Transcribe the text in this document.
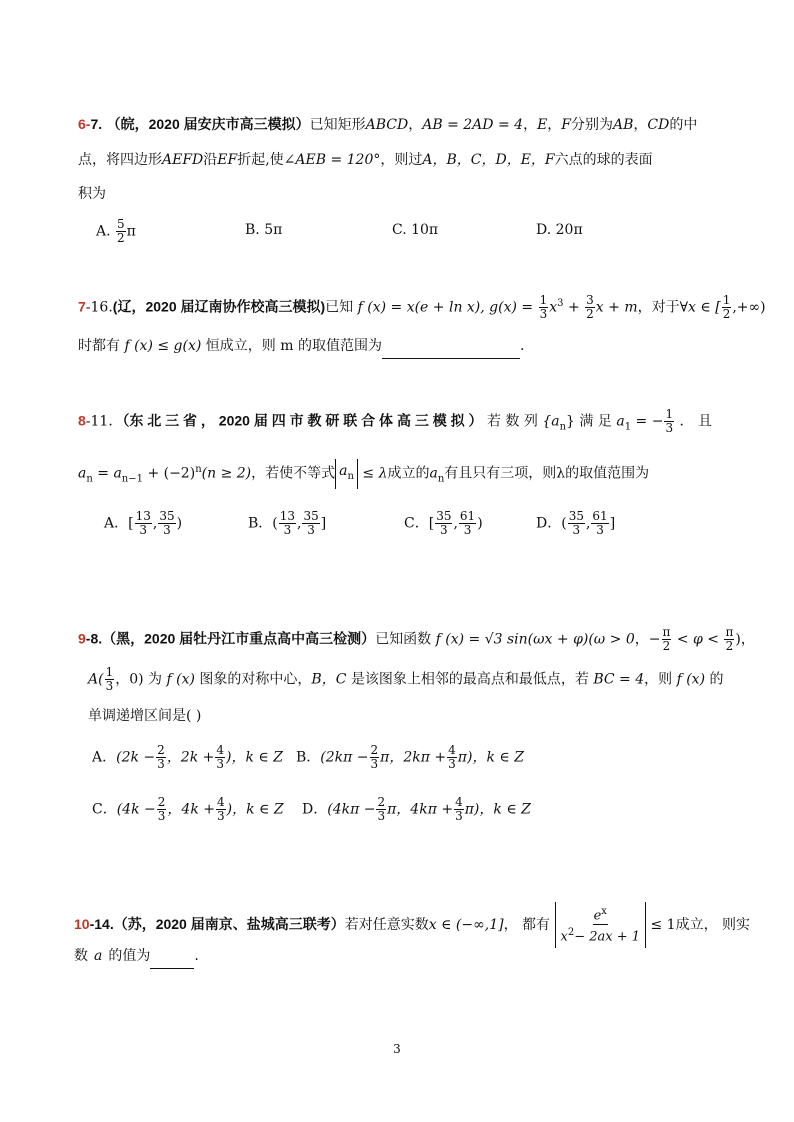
6-7. （皖，2020 届安庆市高三模拟）已知矩形ABCD，AB = 2AD = 4，E，F分别为AB，CD的中
点，将四边形AEFD沿EF折起,使∠AEB = 120°，则过A，B，C，D，E，F六点的球的表面
积为
A. $\frac{5}{2}$ π	B. 5π	C. 10π	D. 20π
7-16.(辽，2020 届辽南协作校高三模拟)已知 f (x) = x(e + ln x), $g(x) = \frac{1}{3} x^3 + \frac{3}{2}$ x + m，对于∀x ∈ [ $\frac{1}{2}$ ,+∞)
时都有 f (x) ≤ g(x) 恒成立，则 m 的取值范围为	.
8-11．（东 北 三 省 ， 2020 届 四 市 教 研 联 合 体 高 三 模 拟 ） 若 数 列 $\{a_n\}$ 满 足 $a_1$ = − $\frac{1}{3}$ ． 且
$a_n = a_{n-1} + (-2)^n(n \ge 2)$，若使不等式 $a_n \le \lambda$成立的$a_n$有且只有三项，则λ的取值范围为
A．[ $\frac{13}{3}$ , $\frac{35}{3}$ )	B．( $\frac{13}{3}$ , $\frac{35}{3}$ ]	C．[ $\frac{35}{3}$ , $\frac{61}{3}$ )	D．( $\frac{35}{3}$ , $\frac{61}{3}$ ]
9-8.（黑，2020 届牡丹江市重点高中高三检测）已知函数 f (x) = √3 sin(ωx + φ)(ω > 0，− $\frac{\pi}{2} < \varphi < \frac{\pi}{2}$ )，
$A( \frac{1}{3}$ ，0) 为 f (x) 图象的对称中心，B，C 是该图象上相邻的最高点和最低点，若 BC = 4，则 f (x) 的
单调递增区间是( )
A．($2k - \frac{2}{3}$ ，$2k + \frac{4}{3}$ )，k ∈ Z B．($2k\pi - \frac{2}{3}$ π，$2k\pi + \frac{4}{3} \pi$)，k ∈ Z
C．($4k - \frac{2}{3}$ ，$4k + \frac{4}{3}$ )，k ∈ Z D．($4k\pi - \frac{2}{3}$ π，$4k\pi + \frac{4}{3} \pi$)，k ∈ Z
10-14.（苏，2020 届南京、盐城高三联考）若对任意实数x ∈ (−∞,1]， 都有 $\frac{e^x}{x^2- 2ax + 1} \le 1$成立， 则实
数 a 的值为	.
3
